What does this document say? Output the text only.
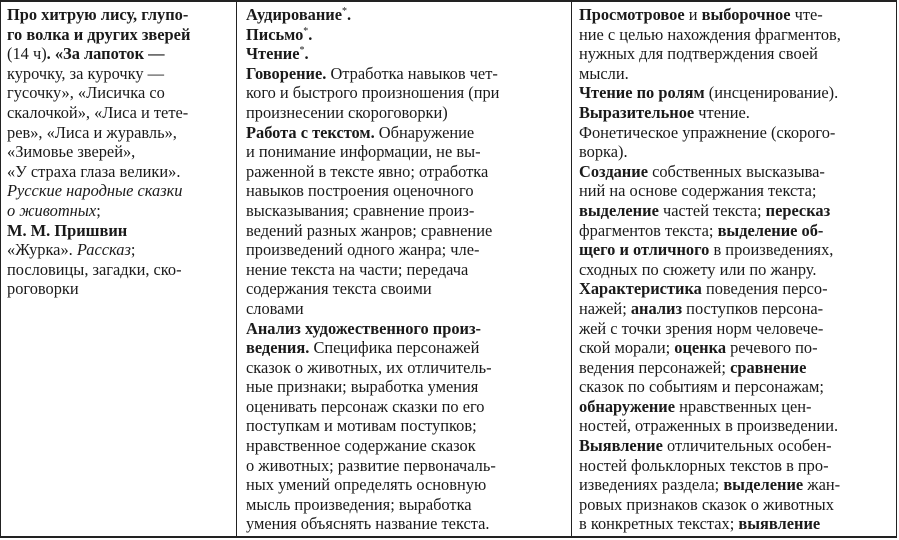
Про хитрую лису, глупо-

го волка и других зверей

(14 ч). «За лапоток —

курочку, за курочку —

гусочку», «Лисичка со

скалочкой», «Лиса и тете-

рев», «Лиса и журавль»,

«Зимовье зверей»,

«У страха глаза велики».

Русские народные сказки

о животных;

М. М. Пришвин

«Журка». Рассказ;

пословицы, загадки, ско-

роговорки

Аудирование*.

Письмо*.

Чтение*.

Говорение. Отработка навыков чет-

кого и быстрого произношения (при

произнесении скороговорки)

Работа с текстом. Обнаружение

и понимание информации, не вы-

раженной в тексте явно; отработка

навыков построения оценочного

высказывания; сравнение произ-

ведений разных жанров; сравнение

произведений одного жанра; чле-

нение текста на части; передача

содержания текста своими

словами

Анализ художественного произ-

ведения. Специфика персонажей

сказок о животных, их отличитель-

ные признаки; выработка умения

оценивать персонаж сказки по его

поступкам и мотивам поступков;

нравственное содержание сказок

о животных; развитие первоначаль-

ных умений определять основную

мысль произведения; выработка

умения объяснять название текста.

Просмотровое и выборочное чте-

ние с целью нахождения фрагментов,

нужных для подтверждения своей

мысли.

Чтение по ролям (инсценирование).

Выразительное чтение.

Фонетическое упражнение (скорого-

ворка).

Создание собственных высказыва-

ний на основе содержания текста;

выделение частей текста; пересказ

фрагментов текста; выделение об-

щего и отличного в произведениях,

сходных по сюжету или по жанру.

Характеристика поведения персо-

нажей; анализ поступков персона-

жей с точки зрения норм человече-

ской морали; оценка речевого по-

ведения персонажей; сравнение

сказок по событиям и персонажам;

обнаружение нравственных цен-

ностей, отраженных в произведении.

Выявление отличительных особен-

ностей фольклорных текстов в про-

изведениях раздела; выделение жан-

ровых признаков сказок о животных

в конкретных текстах; выявление
